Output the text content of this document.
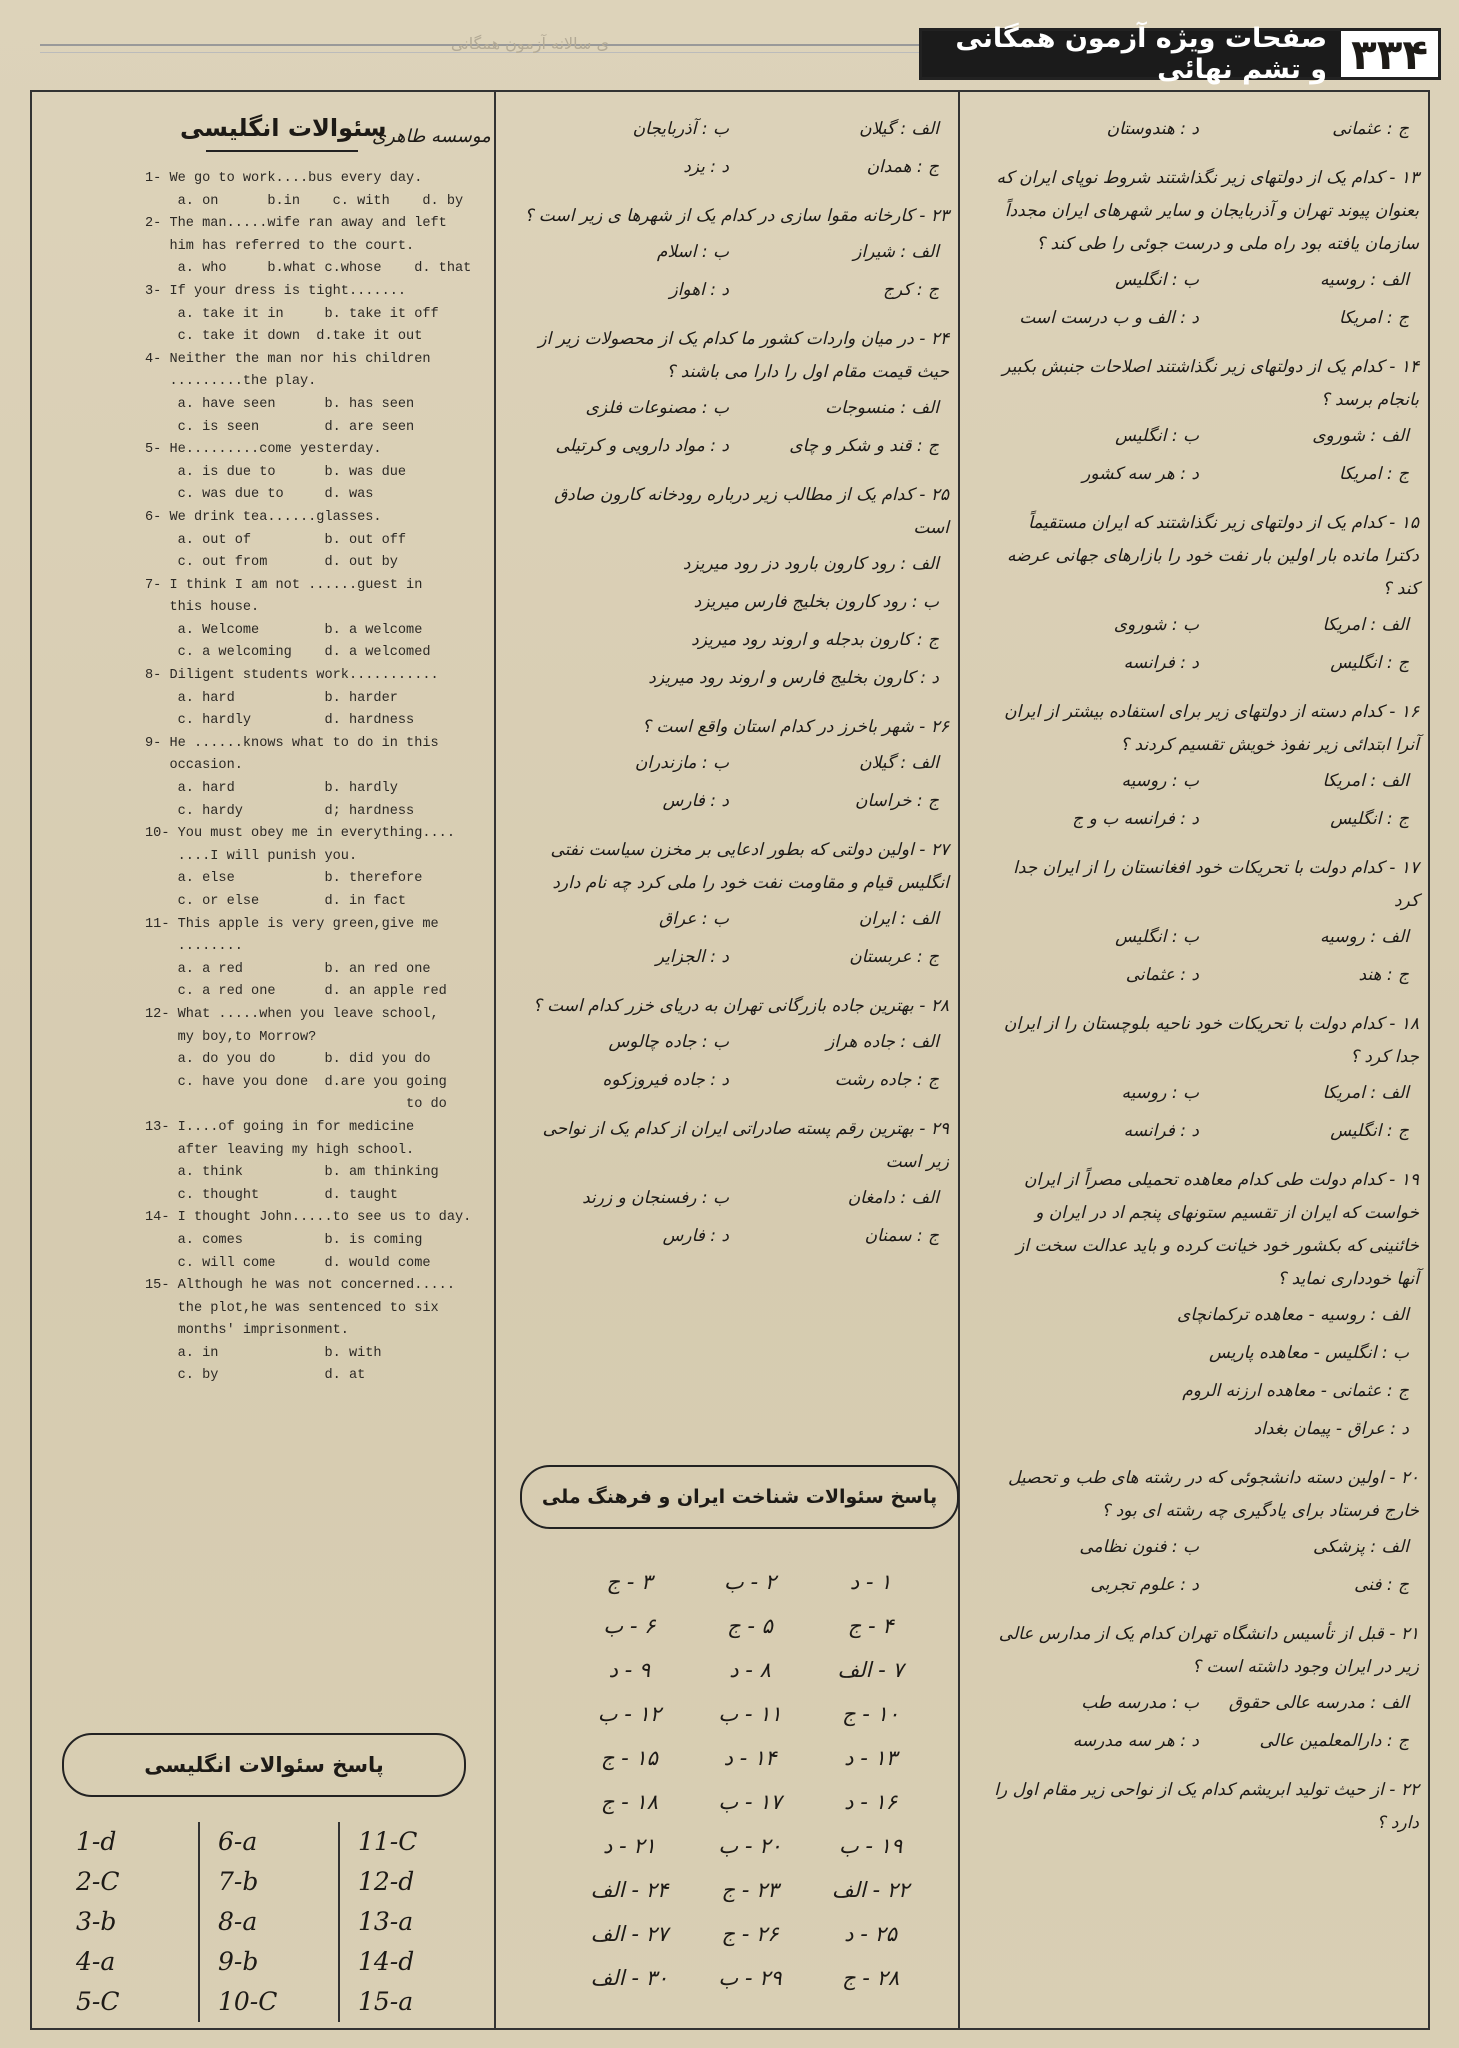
ی سالانه آزمون همگانی	صفحات ویژه آزمون همگانی و تشم نهائی ۳۳۴
سئوالات انگلیسی
موسسه طاهری
1- We go to work....bus every day.
a. on      b.in    c. with    d. by
2- The man.....wife ran away and left
him has referred to the court.
a. who     b.what c.whose    d. that
3- If your dress is tight.......
a. take it in     b. take it off
c. take it down  d.take it out
4- Neither the man nor his children
.........the play.
a. have seen      b. has seen
c. is seen        d. are seen
5- He.........come yesterday.
a. is due to      b. was due
c. was due to     d. was
6- We drink tea......glasses.
a. out of         b. out off
c. out from       d. out by
7- I think I am not ......guest in
this house.
a. Welcome        b. a welcome
c. a welcoming    d. a welcomed
8- Diligent students work...........
a. hard           b. harder
c. hardly         d. hardness
9- He ......knows what to do in this
occasion.
a. hard           b. hardly
c. hardy          d; hardness
10- You must obey me in everything....
....I will punish you.
a. else           b. therefore
c. or else        d. in fact
11- This apple is very green,give me
........
a. a red          b. an red one
c. a red one      d. an apple red
12- What .....when you leave school,
my boy,to Morrow?
a. do you do      b. did you do
c. have you done  d.are you going
to do
13- I....of going in for medicine
after leaving my high school.
a. think          b. am thinking
c. thought        d. taught
14- I thought John.....to see us to day.
a. comes          b. is coming
c. will come      d. would come
15- Although he was not concerned.....
the plot,he was sentenced to six
months' imprisonment.
a. in             b. with
c. by             d. at
پاسخ سئوالات انگلیسی
1-d
2-C
3-b
4-a
5-C
6-a
7-b
8-a
9-b
10-C
11-C
12-d
13-a
14-d
15-a
الف : گیلان
ب : آذربایجان
ج : همدان
د : یزد
۲۳ - کارخانه مقوا سازی در کدام یک از شهرها ی زیر است ؟
الف : شیراز
ب : اسلام
ج : کرج
د : اهواز
۲۴ - در میان واردات کشور ما کدام یک از محصولات زیر از حیث قیمت مقام اول را دارا می باشند ؟
الف : منسوجات
ب : مصنوعات فلزی
ج : قند و شکر و چای
د : مواد دارویی و کرتیلی
۲۵ - کدام یک از مطالب زیر درباره رودخانه کارون صادق است
الف : رود کارون بارود دز رود میریزد
ب : رود کارون بخلیج فارس میریزد
ج : کارون بدجله و اروند رود میریزد
د : کارون بخلیج فارس و اروند رود میریزد
۲۶ - شهر باخرز در کدام استان واقع است ؟
الف : گیلان
ب : مازندران
ج : خراسان
د : فارس
۲۷ - اولین دولتی که بطور ادعایی بر مخزن سیاست نفتی انگلیس قیام و مقاومت نفت خود را ملی کرد چه نام دارد
الف : ایران
ب : عراق
ج : عربستان
د : الجزایر
۲۸ - بهترین جاده بازرگانی تهران به دریای خزر کدام است ؟
الف : جاده هراز
ب : جاده چالوس
ج : جاده رشت
د : جاده فیروزکوه
۲۹ - بهترین رقم پسته صادراتی ایران از کدام یک از نواحی زیر است
الف : دامغان
ب : رفسنجان و زرند
ج : سمنان
د : فارس
پاسخ سئوالات شناخت ایران و فرهنگ ملی
۱ - د
۲ - ب
۳ - ج
۴ - ج
۵ - ج
۶ - ب
۷ - الف
۸ - د
۹ - د
۱۰ - ج
۱۱ - ب
۱۲ - ب
۱۳ - د
۱۴ - د
۱۵ - ج
۱۶ - د
۱۷ - ب
۱۸ - ج
۱۹ - ب
۲۰ - ب
۲۱ - د
۲۲ - الف
۲۳ - ج
۲۴ - الف
۲۵ - د
۲۶ - ج
۲۷ - الف
۲۸ - ج
۲۹ - ب
۳۰ - الف
ج : عثمانی
د : هندوستان
۱۳ - کدام یک از دولتهای زیر نگذاشتند شروط نوپای ایران که بعنوان پیوند تهران و آذربایجان و سایر شهرهای ایران مجدداً سازمان یافته بود راه ملی و درست جوئی را طی کند ؟
الف : روسیه
ب : انگلیس
ج : امریکا
د : الف و ب درست است
۱۴ - کدام یک از دولتهای زیر نگذاشتند اصلاحات جنبش بکبیر بانجام برسد ؟
الف : شوروی
ب : انگلیس
ج : امریکا
د : هر سه کشور
۱۵ - کدام یک از دولتهای زیر نگذاشتند که ایران مستقیماً دکترا مانده بار اولین بار نفت خود را بازارهای جهانی عرضه کند ؟
الف : امریکا
ب : شوروی
ج : انگلیس
د : فرانسه
۱۶ - کدام دسته از دولتهای زیر برای استفاده بیشتر از ایران آنرا ابتدائی زیر نفوذ خویش تقسیم کردند ؟
الف : امریکا
ب : روسیه
ج : انگلیس
د : فرانسه ب و ج
۱۷ - کدام دولت با تحریکات خود افغانستان را از ایران جدا کرد
الف : روسیه
ب : انگلیس
ج : هند
د : عثمانی
۱۸ - کدام دولت با تحریکات خود ناحیه بلوچستان را از ایران جدا کرد ؟
الف : امریکا
ب : روسیه
ج : انگلیس
د : فرانسه
۱۹ - کدام دولت طی کدام معاهده تحمیلی مصراً از ایران خواست که ایران از تقسیم ستونهای پنجم اد در ایران و خائنینی که بکشور خود خیانت کرده و باید عدالت سخت از آنها خودداری نماید ؟
الف : روسیه - معاهده ترکمانچای
ب : انگلیس - معاهده پاریس
ج : عثمانی - معاهده ارزنه الروم
د : عراق - پیمان بغداد
۲۰ - اولین دسته دانشجوئی که در رشته های طب و تحصیل خارج فرستاد برای یادگیری چه رشته ای بود ؟
الف : پزشکی
ب : فنون نظامی
ج : فنی
د : علوم تجربی
۲۱ - قبل از تأسیس دانشگاه تهران کدام یک از مدارس عالی زیر در ایران وجود داشته است ؟
الف : مدرسه عالی حقوق
ب : مدرسه طب
ج : دارالمعلمین عالی
د : هر سه مدرسه
۲۲ - از حیث تولید ابریشم کدام یک از نواحی زیر مقام اول را دارد ؟
